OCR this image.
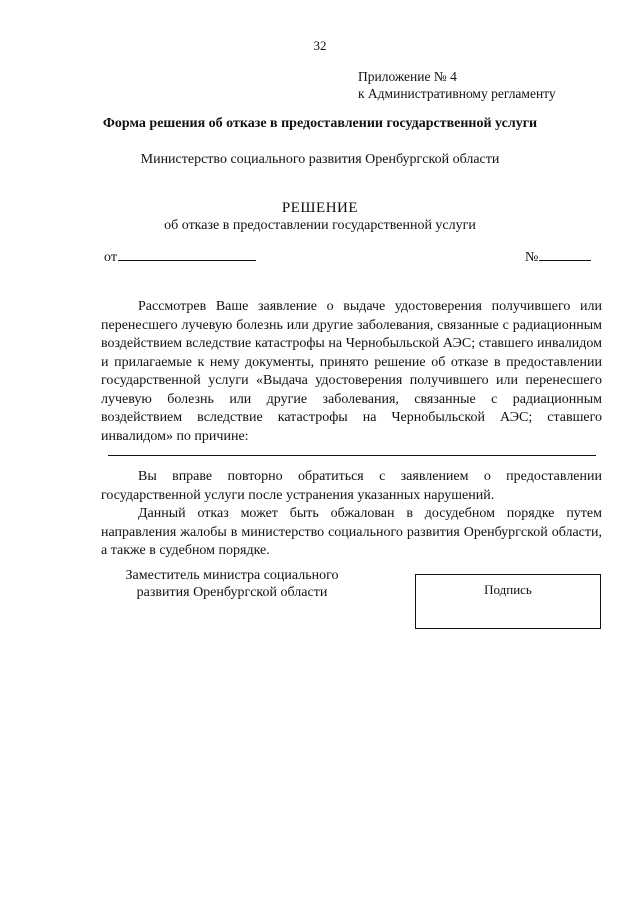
32
Приложение № 4
к Административному регламенту
Форма решения об отказе в предоставлении государственной услуги
Министерство социального развития Оренбургской области
РЕШЕНИЕ
об отказе в предоставлении государственной услуги
от	№

Рассмотрев Ваше заявление о выдаче удостоверения получившего или перенесшего лучевую болезнь или другие заболевания, связанные с радиационным воздействием вследствие катастрофы на Чернобыльской АЭС; ставшего инвалидом и прилагаемые к нему документы, принято решение об отказе в предоставлении государственной услуги «Выдача удостоверения получившего или перенесшего лучевую болезнь или другие заболевания, связанные с радиационным воздействием вследствие катастрофы на Чернобыльской АЭС; ставшего инвалидом» по причине:

Вы вправе повторно обратиться с заявлением о предоставлении государственной услуги после устранения указанных нарушений.

Данный отказ может быть обжалован в досудебном порядке путем направления жалобы в министерство социального развития Оренбургской области, а также в судебном порядке.

Заместитель министра социального
развития Оренбургской области	Подпись
